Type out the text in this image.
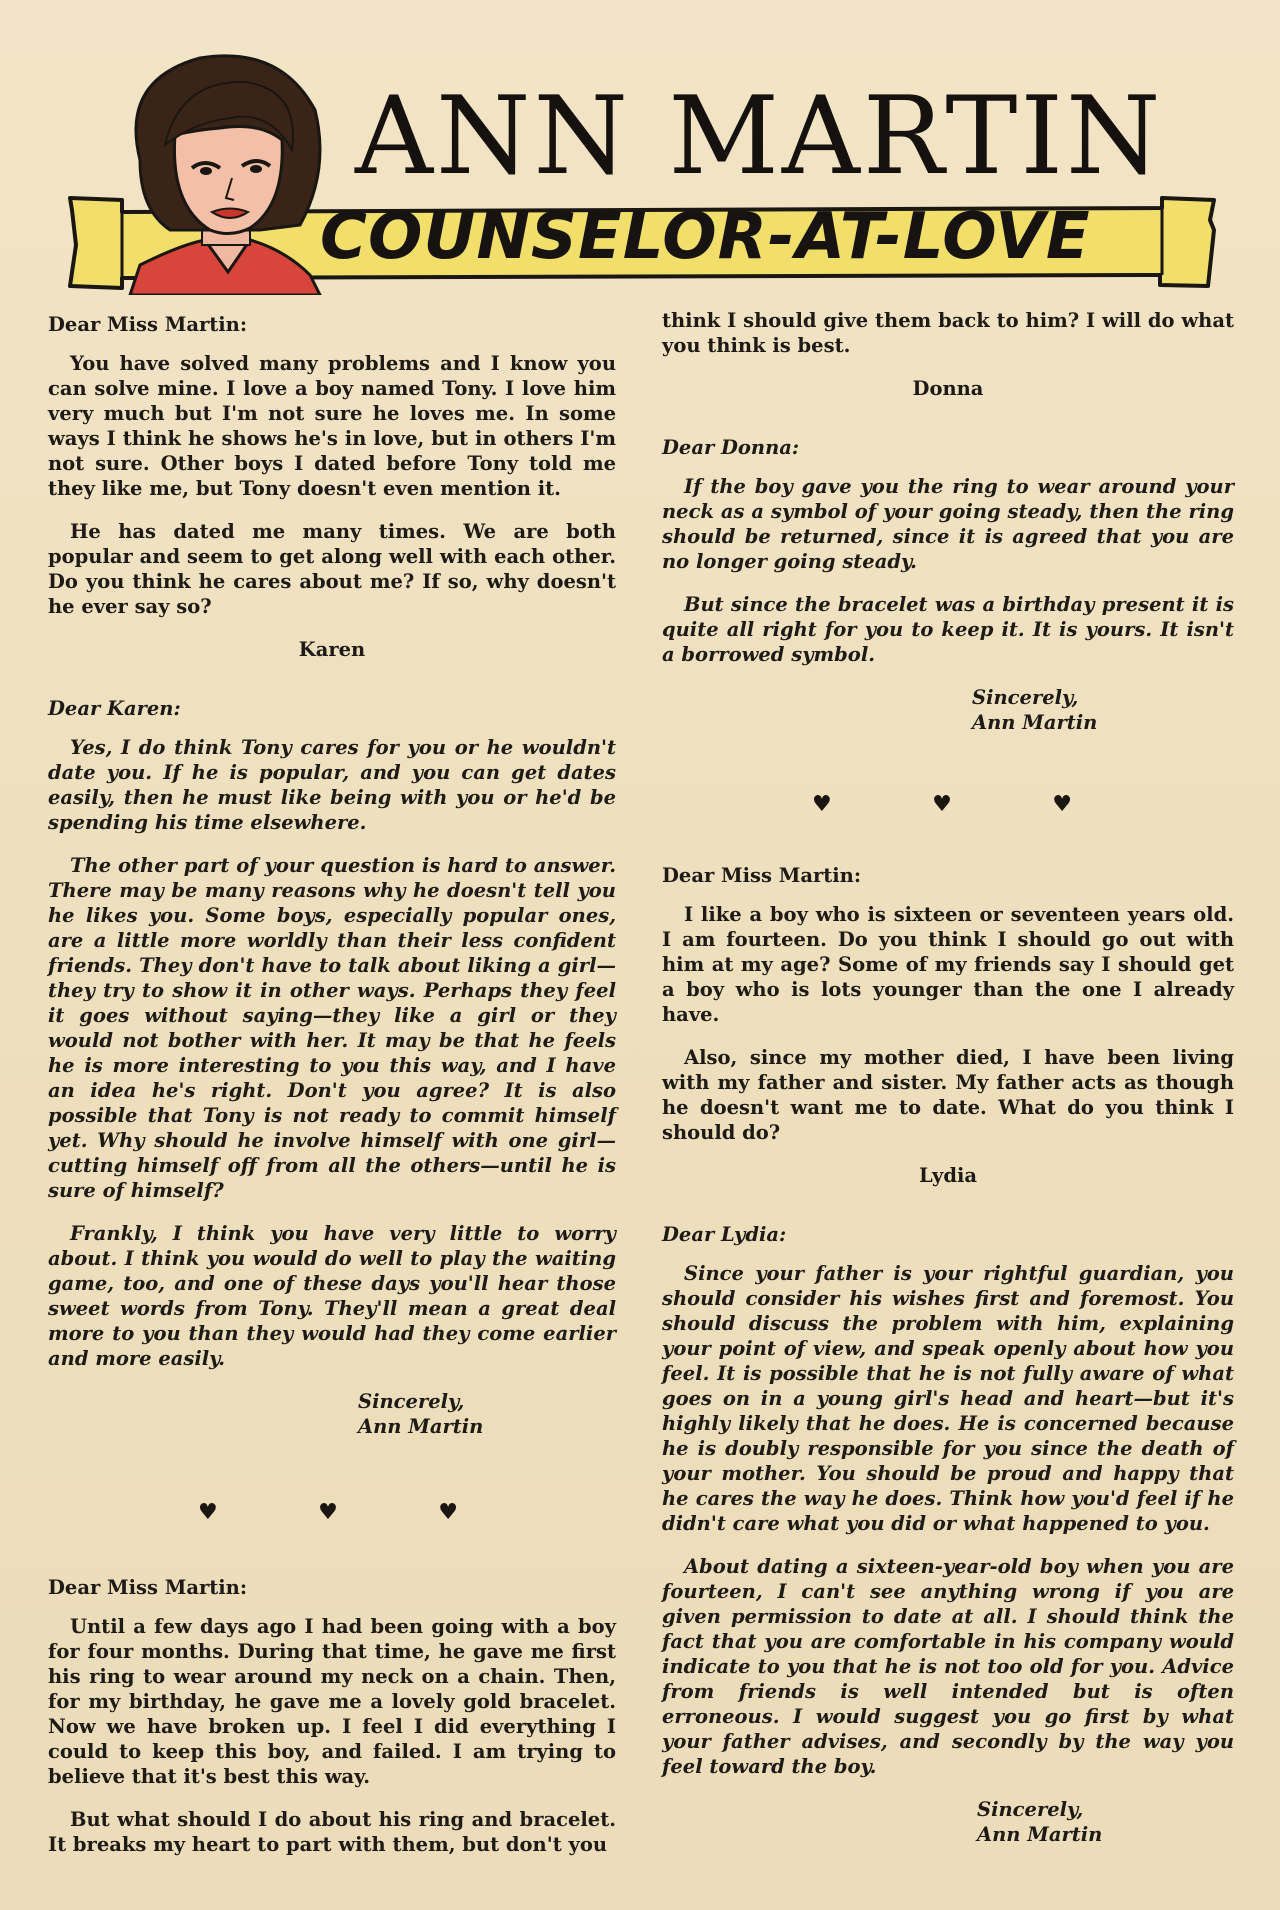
ANN MARTIN
COUNSELOR-AT-LOVE
Dear Miss Martin:

You have solved many problems and I know you can solve mine. I love a boy named Tony. I love him very much but I'm not sure he loves me. In some ways I think he shows he's in love, but in others I'm not sure. Other boys I dated before Tony told me they like me, but Tony doesn't even mention it.

He has dated me many times. We are both popular and seem to get along well with each other. Do you think he cares about me? If so, why doesn't he ever say so?

Karen
Dear Karen:

Yes, I do think Tony cares for you or he wouldn't date you. If he is popular, and you can get dates easily, then he must like being with you or he'd be spending his time elsewhere.

The other part of your question is hard to answer. There may be many reasons why he doesn't tell you he likes you. Some boys, especially popular ones, are a little more worldly than their less confident friends. They don't have to talk about liking a girl—they try to show it in other ways. Perhaps they feel it goes without saying—they like a girl or they would not bother with her. It may be that he feels he is more interesting to you this way, and I have an idea he's right. Don't you agree? It is also possible that Tony is not ready to commit himself yet. Why should he involve himself with one girl—cutting himself off from all the others—until he is sure of himself?

Frankly, I think you have very little to worry about. I think you would do well to play the waiting game, too, and one of these days you'll hear those sweet words from Tony. They'll mean a great deal more to you than they would had they come earlier and more easily.

Sincerely,
Ann Martin
♥	♥	♥
Dear Miss Martin:

Until a few days ago I had been going with a boy for four months. During that time, he gave me first his ring to wear around my neck on a chain. Then, for my birthday, he gave me a lovely gold bracelet. Now we have broken up. I feel I did everything I could to keep this boy, and failed. I am trying to believe that it's best this way.

But what should I do about his ring and bracelet. It breaks my heart to part with them, but don't you

think I should give them back to him? I will do what you think is best.

Donna
Dear Donna:

If the boy gave you the ring to wear around your neck as a symbol of your going steady, then the ring should be returned, since it is agreed that you are no longer going steady.

But since the bracelet was a birthday present it is quite all right for you to keep it. It is yours. It isn't a borrowed symbol.

Sincerely,
Ann Martin
♥	♥	♥
Dear Miss Martin:

I like a boy who is sixteen or seventeen years old. I am fourteen. Do you think I should go out with him at my age? Some of my friends say I should get a boy who is lots younger than the one I already have.

Also, since my mother died, I have been living with my father and sister. My father acts as though he doesn't want me to date. What do you think I should do?

Lydia
Dear Lydia:

Since your father is your rightful guardian, you should consider his wishes first and foremost. You should discuss the problem with him, explaining your point of view, and speak openly about how you feel. It is possible that he is not fully aware of what goes on in a young girl's head and heart—but it's highly likely that he does. He is concerned because he is doubly responsible for you since the death of your mother. You should be proud and happy that he cares the way he does. Think how you'd feel if he didn't care what you did or what happened to you.

About dating a sixteen-year-old boy when you are fourteen, I can't see anything wrong if you are given permission to date at all. I should think the fact that you are comfortable in his company would indicate to you that he is not too old for you. Advice from friends is well intended but is often erroneous. I would suggest you go first by what your father advises, and secondly by the way you feel toward the boy.

Sincerely,
Ann Martin
